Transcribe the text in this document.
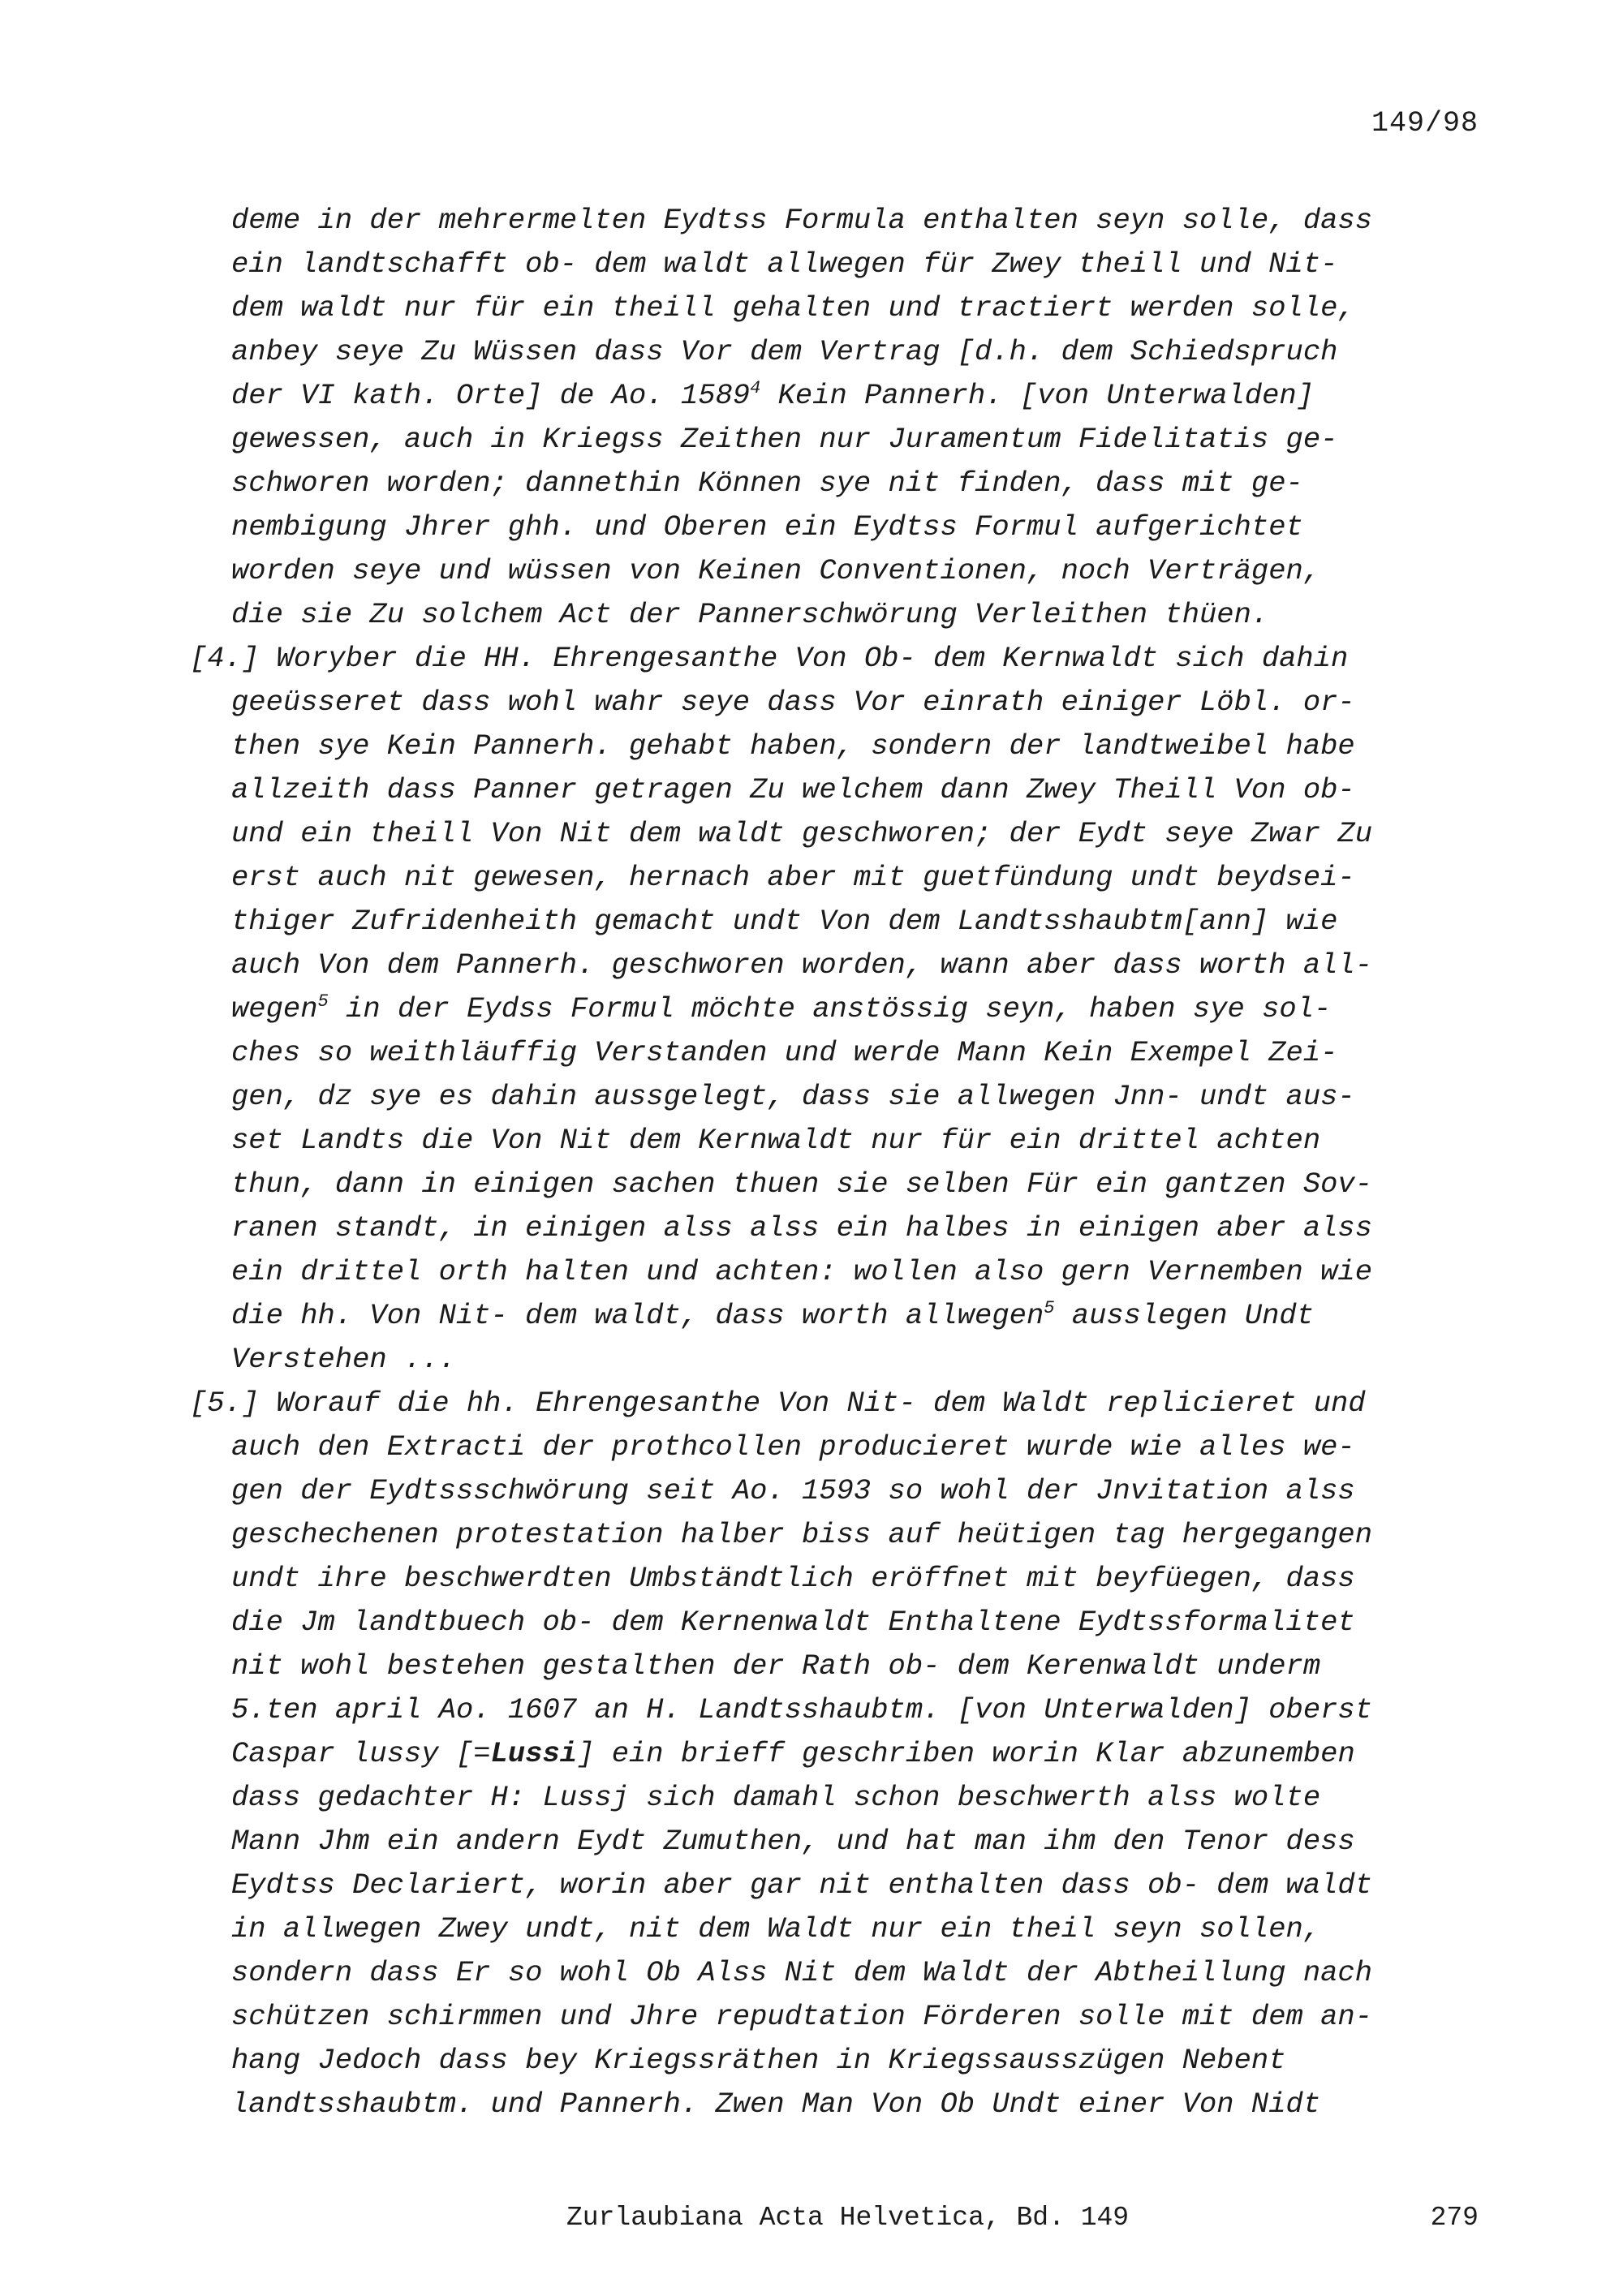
149/98
deme in der mehrermelten Eydtss Formula enthalten seyn solle, dass
ein landtschafft ob- dem waldt allwegen für Zwey theill und Nit-
dem waldt nur für ein theill gehalten und tractiert werden solle,
anbey seye Zu Wüssen dass Vor dem Vertrag [d.h. dem Schiedspruch
der VI kath. Orte] de Ao. 1589$^4$ Kein Pannerh. [von Unterwalden]
gewessen, auch in Kriegss Zeithen nur Juramentum Fidelitatis ge-
schworen worden; dannethin Können sye nit finden, dass mit ge-
nembigung Jhrer ghh. und Oberen ein Eydtss Formul aufgerichtet
worden seye und wüssen von Keinen Conventionen, noch Verträgen,
die sie Zu solchem Act der Pannerschwörung Verleithen thüen.
[4.] Woryber die HH. Ehrengesanthe Von Ob- dem Kernwaldt sich dahin
geeüsseret dass wohl wahr seye dass Vor einrath einiger Löbl. or-
then sye Kein Pannerh. gehabt haben, sondern der landtweibel habe
allzeith dass Panner getragen Zu welchem dann Zwey Theill Von ob-
und ein theill Von Nit dem waldt geschworen; der Eydt seye Zwar Zu
erst auch nit gewesen, hernach aber mit guetfündung undt beydsei-
thiger Zufridenheith gemacht undt Von dem Landtsshaubtm[ann] wie
auch Von dem Pannerh. geschworen worden, wann aber dass worth all-
wegen$^5$ in der Eydss Formul möchte anstössig seyn, haben sye sol-
ches so weithläuffig Verstanden und werde Mann Kein Exempel Zei-
gen, dz sye es dahin aussgelegt, dass sie allwegen Jnn- undt aus-
set Landts die Von Nit dem Kernwaldt nur für ein drittel achten
thun, dann in einigen sachen thuen sie selben Für ein gantzen Sov-
ranen standt, in einigen alss alss ein halbes in einigen aber alss
ein drittel orth halten und achten: wollen also gern Vernemben wie
die hh. Von Nit- dem waldt, dass worth allwegen$^5$ ausslegen Undt
Verstehen ...
[5.] Worauf die hh. Ehrengesanthe Von Nit- dem Waldt replicieret und
auch den Extracti der prothcollen producieret wurde wie alles we-
gen der Eydtssschwörung seit Ao. 1593 so wohl der Jnvitation alss
geschechenen protestation halber biss auf heütigen tag hergegangen
undt ihre beschwerdten Umbständtlich eröffnet mit beyfüegen, dass
die Jm landtbuech ob- dem Kernenwaldt Enthaltene Eydtssformalitet
nit wohl bestehen gestalthen der Rath ob- dem Kerenwaldt underm
5.ten april Ao. 1607 an H. Landtsshaubtm. [von Unterwalden] oberst
Caspar lussy [=Lussi] ein brieff geschriben worin Klar abzunemben
dass gedachter H: Lussj sich damahl schon beschwerth alss wolte
Mann Jhm ein andern Eydt Zumuthen, und hat man ihm den Tenor dess
Eydtss Declariert, worin aber gar nit enthalten dass ob- dem waldt
in allwegen Zwey undt, nit dem Waldt nur ein theil seyn sollen,
sondern dass Er so wohl Ob Alss Nit dem Waldt der Abtheillung nach
schützen schirmmen und Jhre repudtation Förderen solle mit dem an-
hang Jedoch dass bey Kriegssräthen in Kriegssausszügen Nebent
landtsshaubtm. und Pannerh. Zwen Man Von Ob Undt einer Von Nidt
Zurlaubiana Acta Helvetica, Bd. 149	279
